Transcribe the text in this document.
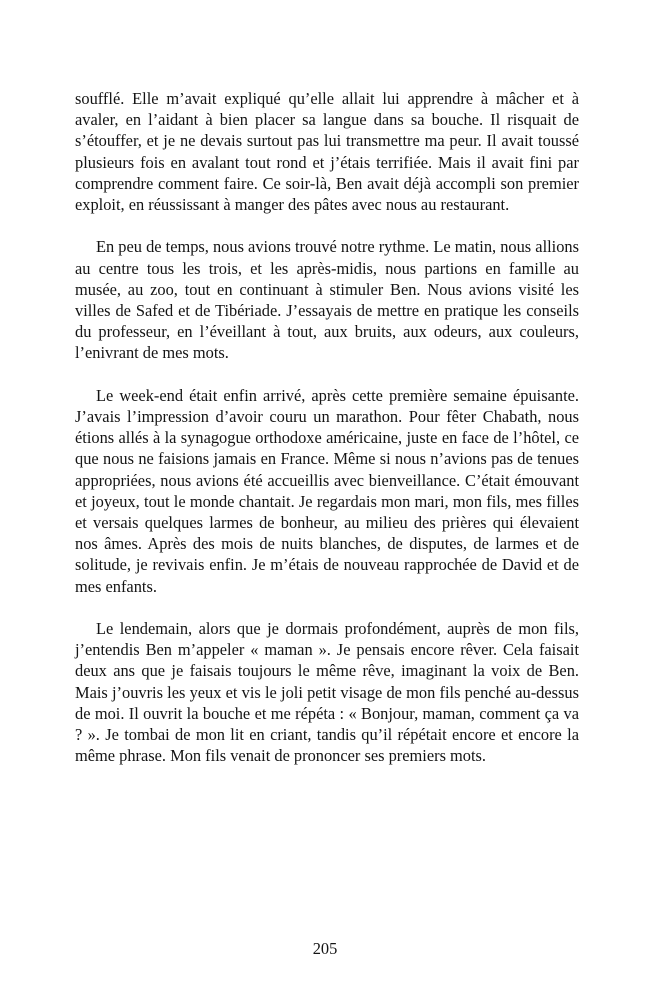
soufflé. Elle m’avait expliqué qu’elle allait lui apprendre à mâcher et à avaler, en l’aidant à bien placer sa langue dans sa bouche. Il risquait de s’étouffer, et je ne devais surtout pas lui transmettre ma peur. Il avait toussé plusieurs fois en avalant tout rond et j’étais terrifiée. Mais il avait fini par comprendre comment faire. Ce soir-là, Ben avait déjà accompli son premier exploit, en réussissant à manger des pâtes avec nous au restaurant.

En peu de temps, nous avions trouvé notre rythme. Le matin, nous allions au centre tous les trois, et les après-midis, nous partions en famille au musée, au zoo, tout en continuant à stimuler Ben. Nous avions visité les villes de Safed et de Tibériade. J’essayais de mettre en pratique les conseils du professeur, en l’éveillant à tout, aux bruits, aux odeurs, aux couleurs, l’enivrant de mes mots.

Le week-end était enfin arrivé, après cette première semaine épuisante. J’avais l’impression d’avoir couru un marathon. Pour fêter Chabath, nous étions allés à la synagogue orthodoxe américaine, juste en face de l’hôtel, ce que nous ne faisions jamais en France. Même si nous n’avions pas de tenues appropriées, nous avions été accueillis avec bienveillance. C’était émouvant et joyeux, tout le monde chantait. Je regardais mon mari, mon fils, mes filles et versais quelques larmes de bonheur, au milieu des prières qui élevaient nos âmes. Après des mois de nuits blanches, de disputes, de larmes et de solitude, je revivais enfin. Je m’étais de nouveau rapprochée de David et de mes enfants.

Le lendemain, alors que je dormais profondément, auprès de mon fils, j’entendis Ben m’appeler « maman ». Je pensais encore rêver. Cela faisait deux ans que je faisais toujours le même rêve, imaginant la voix de Ben. Mais j’ouvris les yeux et vis le joli petit visage de mon fils penché au-dessus de moi. Il ouvrit la bouche et me répéta : « Bonjour, maman, comment ça va ? ». Je tombai de mon lit en criant, tandis qu’il répétait encore et encore la même phrase. Mon fils venait de prononcer ses premiers mots.

205
